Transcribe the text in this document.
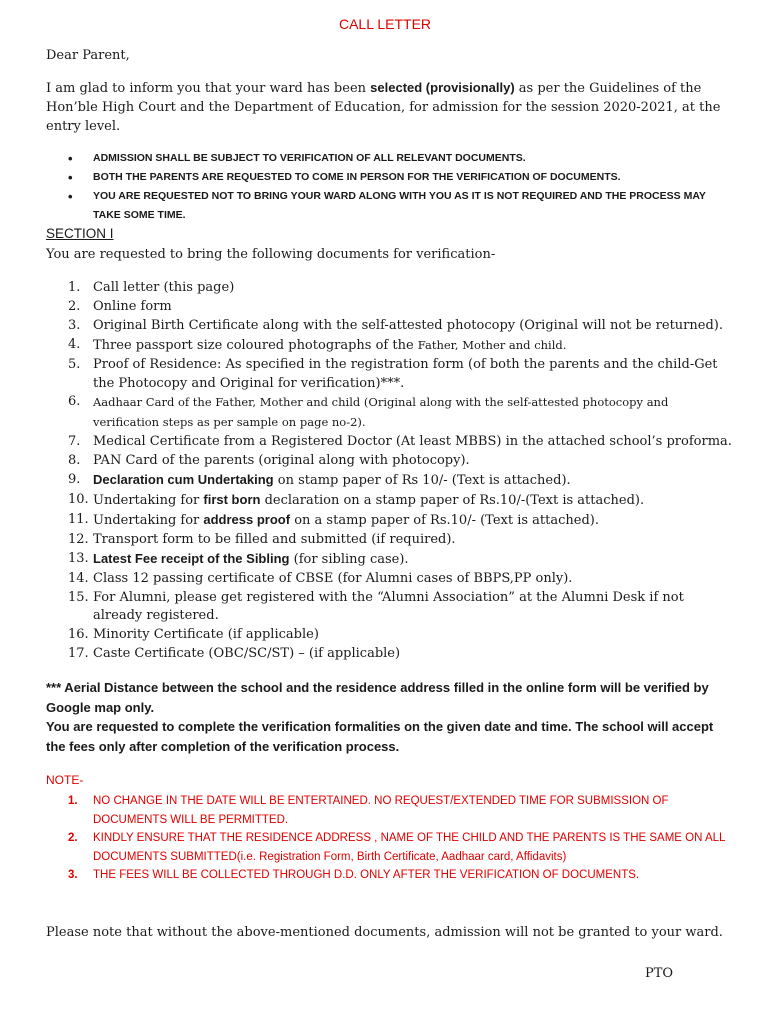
CALL LETTER
Dear Parent,

I am glad to inform you that your ward has been selected (provisionally) as per the Guidelines of the Hon’ble High Court and the Department of Education, for admission for the session 2020-2021, at the entry level.

• ADMISSION SHALL BE SUBJECT TO VERIFICATION OF ALL RELEVANT DOCUMENTS.
• BOTH THE PARENTS ARE REQUESTED TO COME IN PERSON FOR THE VERIFICATION OF DOCUMENTS.
• YOU ARE REQUESTED NOT TO BRING YOUR WARD ALONG WITH YOU AS IT IS NOT REQUIRED AND THE PROCESS MAY TAKE SOME TIME.
SECTION I
You are requested to bring the following documents for verification-
1. Call letter (this page)
2. Online form
3. Original Birth Certificate along with the self-attested photocopy (Original will not be returned).
4. Three passport size coloured photographs of the Father, Mother and child.
5. Proof of Residence: As specified in the registration form (of both the parents and the child-Get the Photocopy and Original for verification)***.
6. Aadhaar Card of the Father, Mother and child (Original along with the self-attested photocopy and verification steps as per sample on page no-2).
7. Medical Certificate from a Registered Doctor (At least MBBS) in the attached school’s proforma.
8. PAN Card of the parents (original along with photocopy).
9. Declaration cum Undertaking on stamp paper of Rs 10/- (Text is attached).
10. Undertaking for first born declaration on a stamp paper of Rs.10/-(Text is attached).
11. Undertaking for address proof on a stamp paper of Rs.10/- (Text is attached).
12. Transport form to be filled and submitted (if required).
13. Latest Fee receipt of the Sibling (for sibling case).
14. Class 12 passing certificate of CBSE (for Alumni cases of BBPS,PP only).
15. For Alumni, please get registered with the “Alumni Association” at the Alumni Desk if not already registered.
16. Minority Certificate (if applicable)
17. Caste Certificate (OBC/SC/ST) – (if applicable)

*** Aerial Distance between the school and the residence address filled in the online form will be verified by Google map only.
You are requested to complete the verification formalities on the given date and time. The school will accept the fees only after completion of the verification process.

NOTE-
1. NO CHANGE IN THE DATE WILL BE ENTERTAINED. NO REQUEST/EXTENDED TIME FOR SUBMISSION OF DOCUMENTS WILL BE PERMITTED.
2. KINDLY ENSURE THAT THE RESIDENCE ADDRESS , NAME OF THE CHILD AND THE PARENTS IS THE SAME ON ALL DOCUMENTS SUBMITTED(i.e. Registration Form, Birth Certificate, Aadhaar card, Affidavits)
3. THE FEES WILL BE COLLECTED THROUGH D.D. ONLY AFTER THE VERIFICATION OF DOCUMENTS.
Please note that without the above-mentioned documents, admission will not be granted to your ward.
PTO
